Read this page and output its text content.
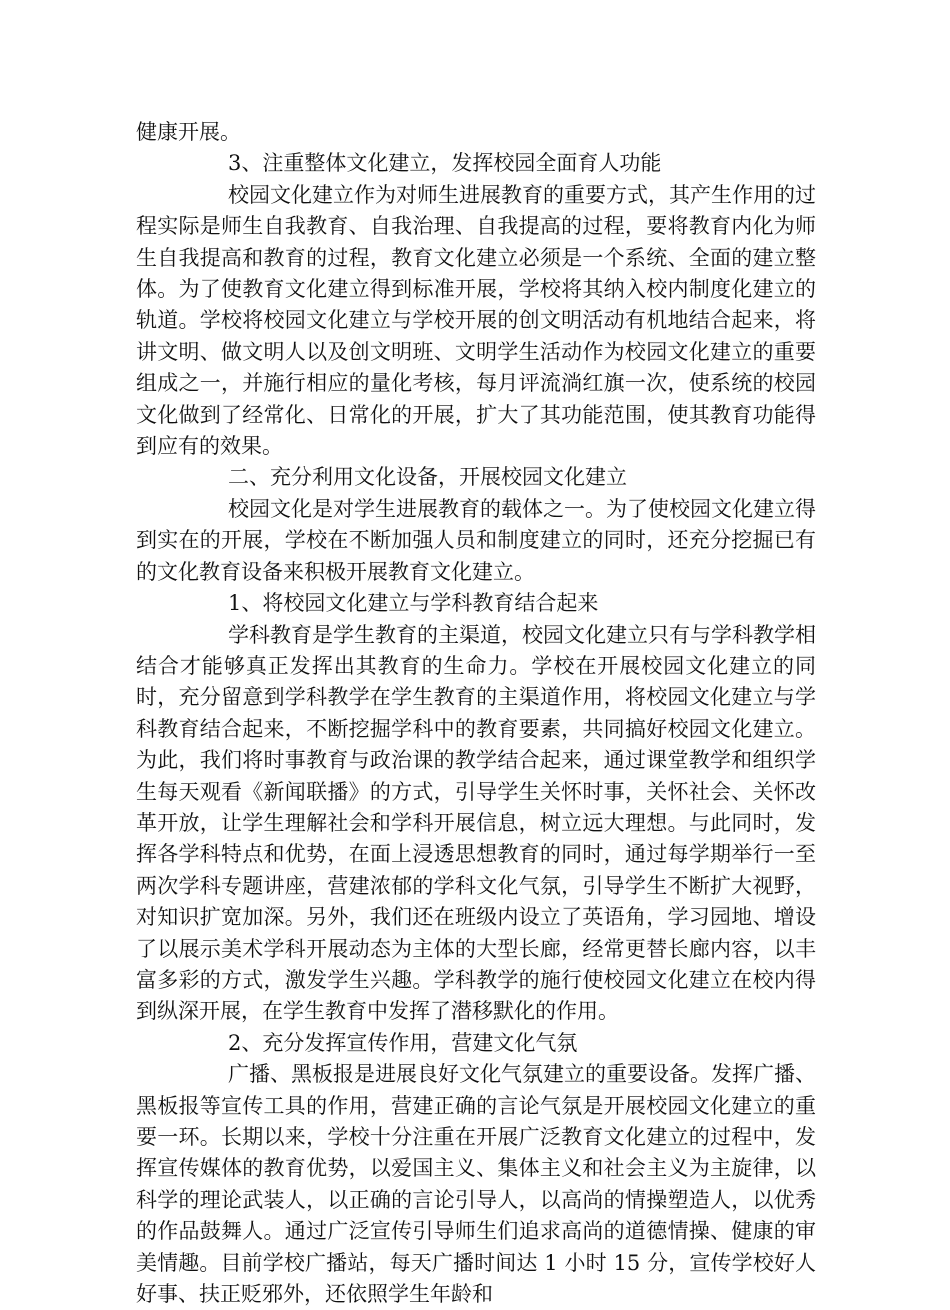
健康开展。

3、注重整体文化建立，发挥校园全面育人功能

校园文化建立作为对师生进展教育的重要方式，其产生作用的过程实际是师生自我教育、自我治理、自我提高的过程，要将教育内化为师生自我提高和教育的过程，教育文化建立必须是一个系统、全面的建立整体。为了使教育文化建立得到标准开展，学校将其纳入校内制度化建立的轨道。学校将校园文化建立与学校开展的创文明活动有机地结合起来，将讲文明、做文明人以及创文明班、文明学生活动作为校园文化建立的重要组成之一，并施行相应的量化考核，每月评流淌红旗一次，使系统的校园文化做到了经常化、日常化的开展，扩大了其功能范围，使其教育功能得到应有的效果。

二、充分利用文化设备，开展校园文化建立

校园文化是对学生进展教育的载体之一。为了使校园文化建立得到实在的开展，学校在不断加强人员和制度建立的同时，还充分挖掘已有的文化教育设备来积极开展教育文化建立。

1、将校园文化建立与学科教育结合起来

学科教育是学生教育的主渠道，校园文化建立只有与学科教学相结合才能够真正发挥出其教育的生命力。学校在开展校园文化建立的同时，充分留意到学科教学在学生教育的主渠道作用，将校园文化建立与学科教育结合起来，不断挖掘学科中的教育要素，共同搞好校园文化建立。为此，我们将时事教育与政治课的教学结合起来，通过课堂教学和组织学生每天观看《新闻联播》的方式，引导学生关怀时事，关怀社会、关怀改革开放，让学生理解社会和学科开展信息，树立远大理想。与此同时，发挥各学科特点和优势，在面上浸透思想教育的同时，通过每学期举行一至两次学科专题讲座，营建浓郁的学科文化气氛，引导学生不断扩大视野，对知识扩宽加深。另外，我们还在班级内设立了英语角，学习园地、增设了以展示美术学科开展动态为主体的大型长廊，经常更替长廊内容，以丰富多彩的方式，激发学生兴趣。学科教学的施行使校园文化建立在校内得到纵深开展，在学生教育中发挥了潜移默化的作用。

2、充分发挥宣传作用，营建文化气氛

广播、黑板报是进展良好文化气氛建立的重要设备。发挥广播、黑板报等宣传工具的作用，营建正确的言论气氛是开展校园文化建立的重要一环。长期以来，学校十分注重在开展广泛教育文化建立的过程中，发挥宣传媒体的教育优势，以爱国主义、集体主义和社会主义为主旋律，以科学的理论武装人，以正确的言论引导人，以高尚的情操塑造人，以优秀的作品鼓舞人。通过广泛宣传引导师生们追求高尚的道德情操、健康的审美情趣。目前学校广播站，每天广播时间达 1 小时 15 分，宣传学校好人好事、扶正贬邪外，还依照学生年龄和
